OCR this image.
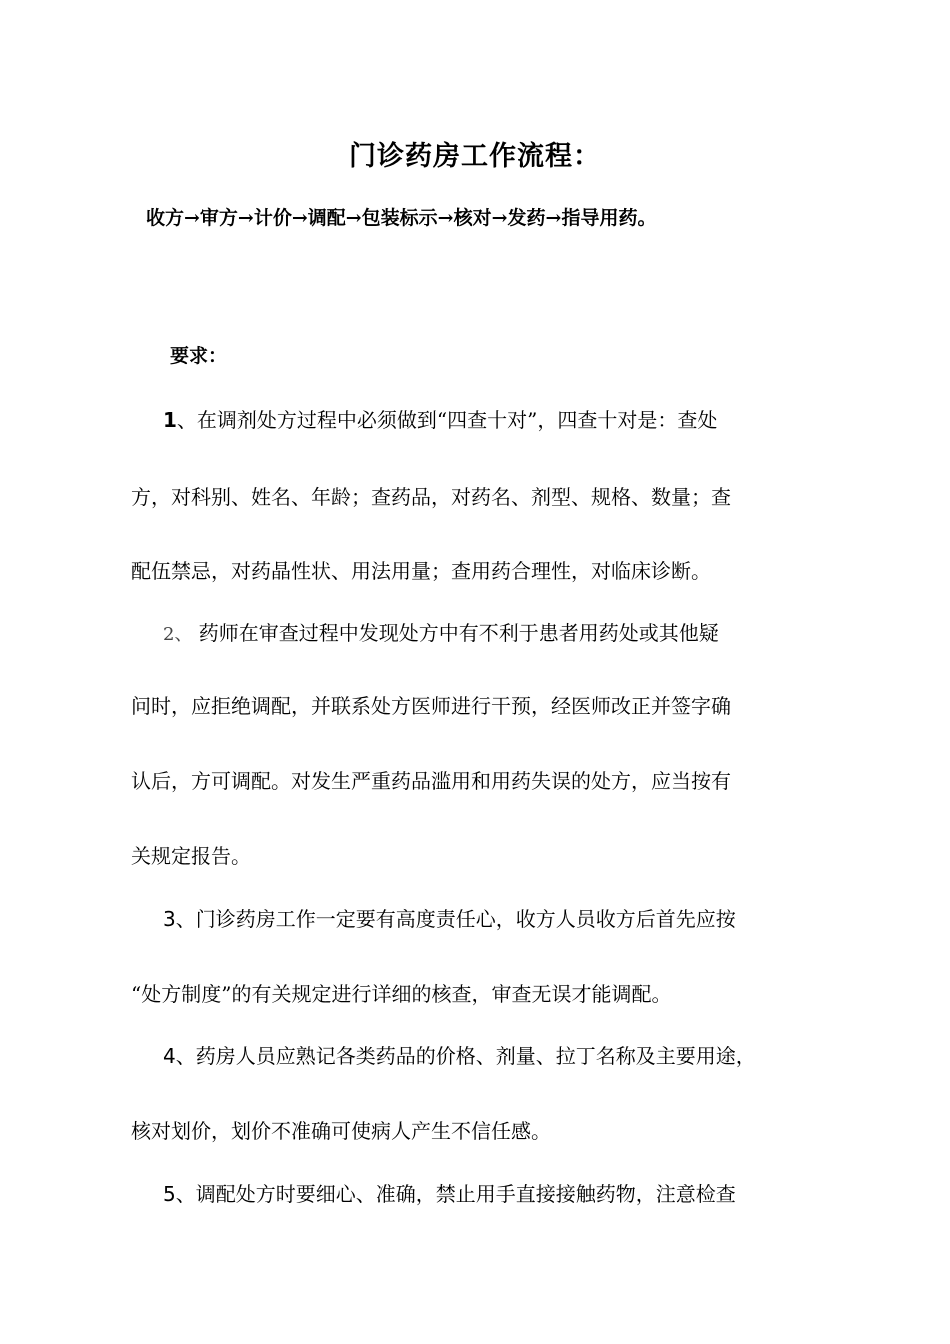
门诊药房工作流程：
收方→审方→计价→调配→包装标示→核对→发药→指导用药。
要求：
1、在调剂处方过程中必须做到“四查十对”，四查十对是：查处
方，对科别、姓名、年龄；查药品，对药名、剂型、规格、数量；查
配伍禁忌，对药晶性状、用法用量；查用药合理性，对临床诊断。
2、 药师在审查过程中发现处方中有不利于患者用药处或其他疑
问时，应拒绝调配，并联系处方医师进行干预，经医师改正并签字确
认后，方可调配。对发生严重药品滥用和用药失误的处方，应当按有
关规定报告。
3、门诊药房工作一定要有高度责任心，收方人员收方后首先应按
“处方制度”的有关规定进行详细的核查，审查无误才能调配。
4、药房人员应熟记各类药品的价格、剂量、拉丁名称及主要用途，
核对划价，划价不准确可使病人产生不信任感。
5、调配处方时要细心、准确，禁止用手直接接触药物，注意检查
